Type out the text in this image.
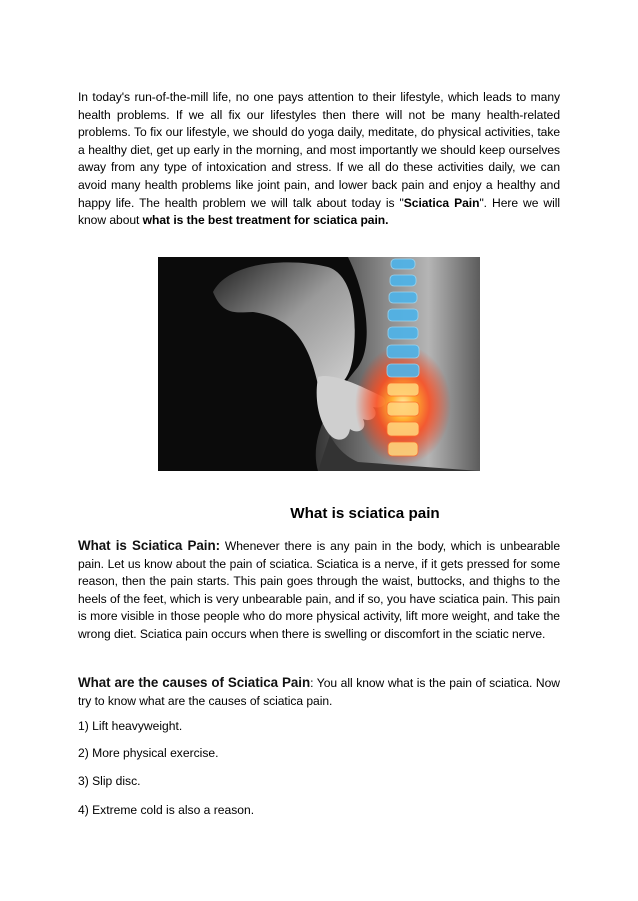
In today's run-of-the-mill life, no one pays attention to their lifestyle, which leads to many health problems. If we all fix our lifestyles then there will not be many health-related problems. To fix our lifestyle, we should do yoga daily, meditate, do physical activities, take a healthy diet, get up early in the morning, and most importantly we should keep ourselves away from any type of intoxication and stress. If we all do these activities daily, we can avoid many health problems like joint pain, and lower back pain and enjoy a healthy and happy life. The health problem we will talk about today is "Sciatica Pain". Here we will know about what is the best treatment for sciatica pain.

What is sciatica pain

What is Sciatica Pain: Whenever there is any pain in the body, which is unbearable pain. Let us know about the pain of sciatica. Sciatica is a nerve, if it gets pressed for some reason, then the pain starts. This pain goes through the waist, buttocks, and thighs to the heels of the feet, which is very unbearable pain, and if so, you have sciatica pain. This pain is more visible in those people who do more physical activity, lift more weight, and take the wrong diet. Sciatica pain occurs when there is swelling or discomfort in the sciatic nerve.

What are the causes of Sciatica Pain: You all know what is the pain of sciatica. Now try to know what are the causes of sciatica pain.

1) Lift heavyweight.

2) More physical exercise.

3) Slip disc.

4) Extreme cold is also a reason.
